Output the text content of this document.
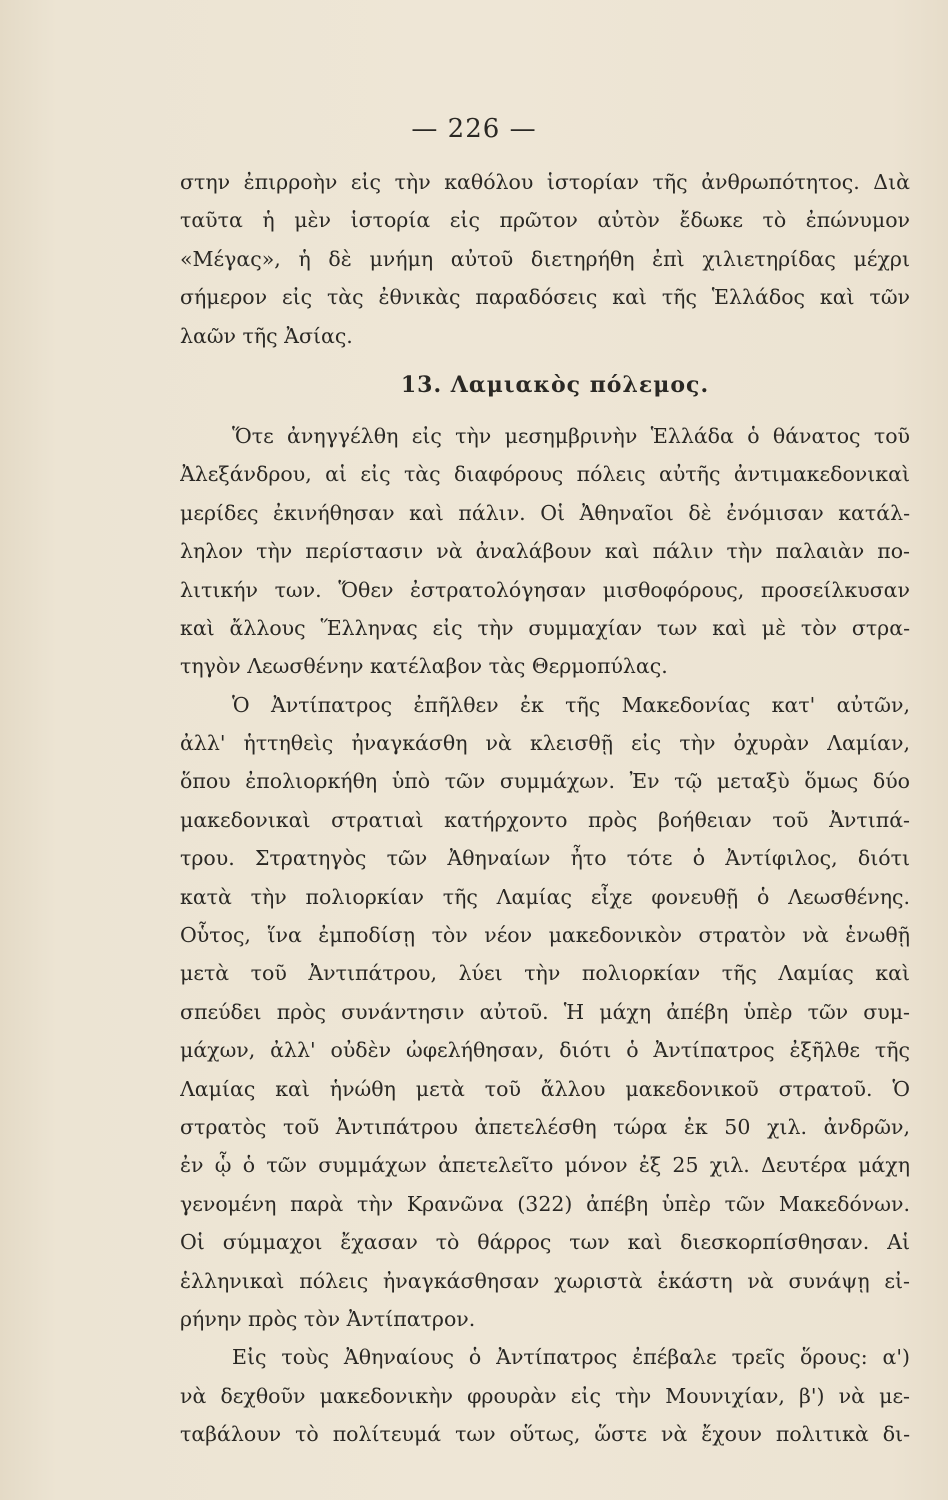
— 226 —
στην ἐπιρροὴν εἰς τὴν καθόλου ἱστορίαν τῆς ἀνθρωπότητος. Διὰ
ταῦτα ἡ μὲν ἱστορία εἰς πρῶτον αὐτὸν ἔδωκε τὸ ἐπώνυμον
«Μέγας», ἡ δὲ μνήμη αὐτοῦ διετηρήθη ἐπὶ χιλιετηρίδας μέχρι
σήμερον εἰς τὰς ἐθνικὰς παραδόσεις καὶ τῆς Ἑλλάδος καὶ τῶν
λαῶν τῆς Ἀσίας.
13. Λαμιακὸς πόλεμος.
Ὅτε ἀνηγγέλθη εἰς τὴν μεσημβρινὴν Ἑλλάδα ὁ θάνατος τοῦ
Ἀλεξάνδρου, αἱ εἰς τὰς διαφόρους πόλεις αὐτῆς ἀντιμακεδονικαὶ
μερίδες ἐκινήθησαν καὶ πάλιν. Οἱ Ἀθηναῖοι δὲ ἐνόμισαν κατάλ-
ληλον τὴν περίστασιν νὰ ἀναλάβουν καὶ πάλιν τὴν παλαιὰν πο-
λιτικήν των. Ὅθεν ἐστρατολόγησαν μισθοφόρους, προσείλκυσαν
καὶ ἄλλους Ἕλληνας εἰς τὴν συμμαχίαν των καὶ μὲ τὸν στρα-
τηγὸν Λεωσθένην κατέλαβον τὰς Θερμοπύλας.
Ὁ Ἀντίπατρος ἐπῆλθεν ἐκ τῆς Μακεδονίας κατ' αὐτῶν,
ἀλλ' ἡττηθεὶς ἠναγκάσθη νὰ κλεισθῇ εἰς τὴν ὀχυρὰν Λαμίαν,
ὅπου ἐπολιορκήθη ὑπὸ τῶν συμμάχων. Ἐν τῷ μεταξὺ ὅμως δύο
μακεδονικαὶ στρατιαὶ κατήρχοντο πρὸς βοήθειαν τοῦ Ἀντιπά-
τρου. Στρατηγὸς τῶν Ἀθηναίων ἦτο τότε ὁ Ἀντίφιλος, διότι
κατὰ τὴν πολιορκίαν τῆς Λαμίας εἶχε φονευθῇ ὁ Λεωσθένης.
Οὗτος, ἵνα ἐμποδίσῃ τὸν νέον μακεδονικὸν στρατὸν νὰ ἑνωθῇ
μετὰ τοῦ Ἀντιπάτρου, λύει τὴν πολιορκίαν τῆς Λαμίας καὶ
σπεύδει πρὸς συνάντησιν αὐτοῦ. Ἡ μάχη ἀπέβη ὑπὲρ τῶν συμ-
μάχων, ἀλλ' οὐδὲν ὠφελήθησαν, διότι ὁ Ἀντίπατρος ἐξῆλθε τῆς
Λαμίας καὶ ἡνώθη μετὰ τοῦ ἄλλου μακεδονικοῦ στρατοῦ. Ὁ
στρατὸς τοῦ Ἀντιπάτρου ἀπετελέσθη τώρα ἐκ 50 χιλ. ἀνδρῶν,
ἐν ᾧ ὁ τῶν συμμάχων ἀπετελεῖτο μόνον ἐξ 25 χιλ. Δευτέρα μάχη
γενομένη παρὰ τὴν Κρανῶνα (322) ἀπέβη ὑπὲρ τῶν Μακεδόνων.
Οἱ σύμμαχοι ἔχασαν τὸ θάρρος των καὶ διεσκορπίσθησαν. Αἱ
ἑλληνικαὶ πόλεις ἠναγκάσθησαν χωριστὰ ἑκάστη νὰ συνάψῃ εἰ-
ρήνην πρὸς τὸν Ἀντίπατρον.
Εἰς τοὺς Ἀθηναίους ὁ Ἀντίπατρος ἐπέβαλε τρεῖς ὅρους: α')
νὰ δεχθοῦν μακεδονικὴν φρουρὰν εἰς τὴν Μουνιχίαν, β') νὰ με-
ταβάλουν τὸ πολίτευμά των οὕτως, ὥστε νὰ ἔχουν πολιτικὰ δι-
